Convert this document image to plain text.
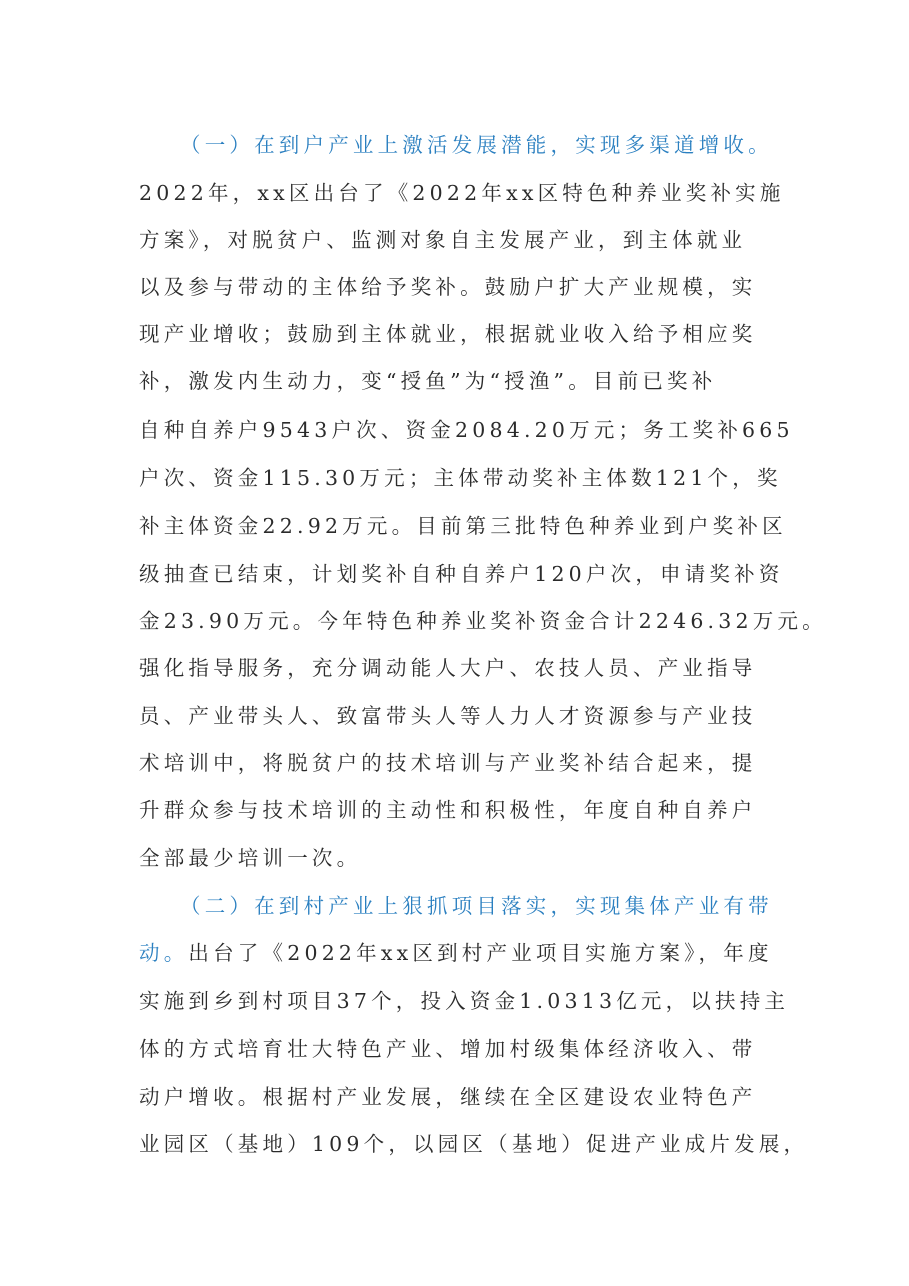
（一）在到户产业上激活发展潜能，实现多渠道增收。
2022年，xx区出台了《2022年xx区特色种养业奖补实施
方案》，对脱贫户、监测对象自主发展产业，到主体就业
以及参与带动的主体给予奖补。鼓励户扩大产业规模，实
现产业增收；鼓励到主体就业，根据就业收入给予相应奖
补，激发内生动力，变“授鱼”为“授渔”。目前已奖补
自种自养户9543户次、资金2084.20万元；务工奖补665
户次、资金115.30万元；主体带动奖补主体数121个，奖
补主体资金22.92万元。目前第三批特色种养业到户奖补区
级抽查已结束，计划奖补自种自养户120户次，申请奖补资
金23.90万元。今年特色种养业奖补资金合计2246.32万元。
强化指导服务，充分调动能人大户、农技人员、产业指导
员、产业带头人、致富带头人等人力人才资源参与产业技
术培训中，将脱贫户的技术培训与产业奖补结合起来，提
升群众参与技术培训的主动性和积极性，年度自种自养户
全部最少培训一次。
（二）在到村产业上狠抓项目落实，实现集体产业有带
动。出台了《2022年xx区到村产业项目实施方案》，年度
实施到乡到村项目37个，投入资金1.0313亿元，以扶持主
体的方式培育壮大特色产业、增加村级集体经济收入、带
动户增收。根据村产业发展，继续在全区建设农业特色产
业园区（基地）109个，以园区（基地）促进产业成片发展，
